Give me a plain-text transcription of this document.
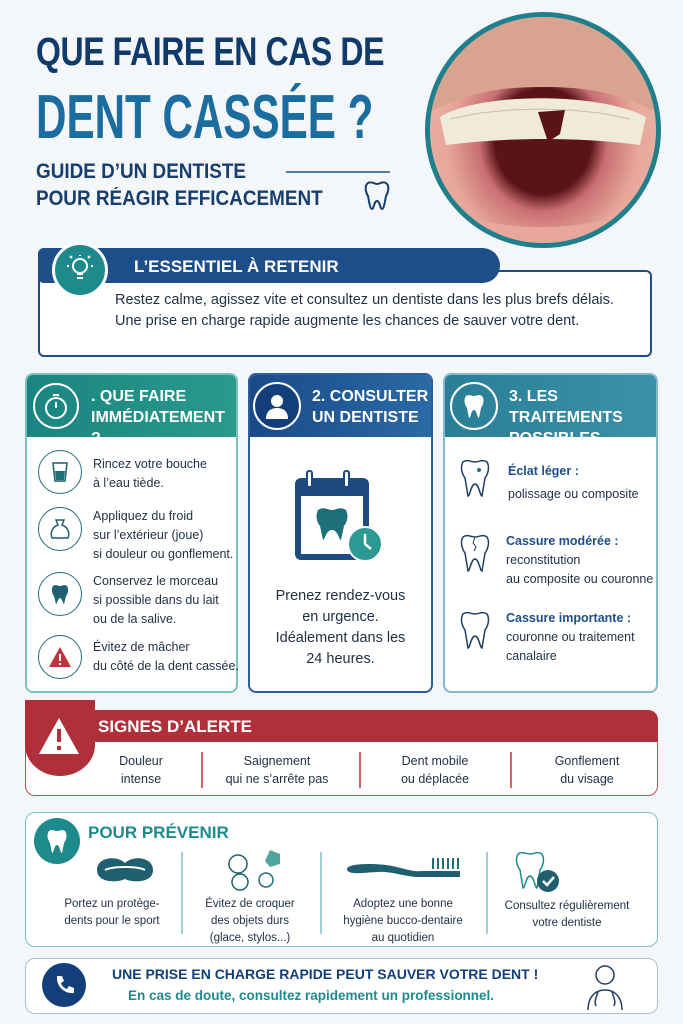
QUE FAIRE EN CAS DE
DENT CASSÉE ?
GUIDE D’UN DENTISTE
POUR RÉAGIR EFFICACEMENT
L’ESSENTIEL À RETENIR
Restez calme, agissez vite et consultez un dentiste dans les plus brefs délais. Une prise en charge rapide augmente les chances de sauver votre dent.
. QUE FAIRE
IMMÉDIATEMENT ?
Rincez votre bouche
à l’eau tiède.
Appliquez du froid
sur l’extérieur (joue)
si douleur ou gonflement.
Conservez le morceau
si possible dans du lait
ou de la salive.
Évitez de mâcher
du côté de la dent cassée.
2. CONSULTER
UN DENTISTE
Prenez rendez-vous
en urgence.
Idéalement dans les
24 heures.
3. LES TRAITEMENTS
POSSIBLES
Éclat léger :
polissage ou composite
Cassure modérée :
reconstitution
au composite ou couronne
Cassure importante :
couronne ou traitement
canalaire
SIGNES D’ALERTE
Douleur
intense
Saignement
qui ne s’arrête pas
Dent mobile
ou déplacée
Gonflement
du visage
POUR PRÉVENIR
Portez un protège-
dents pour le sport
Évitez de croquer
des objets durs
(glace, stylos...)
Adoptez une bonne
hygiène bucco-dentaire
au quotidien
Consultez régulièrement
votre dentiste
UNE PRISE EN CHARGE RAPIDE PEUT SAUVER VOTRE DENT !
En cas de doute, consultez rapidement un professionnel.
